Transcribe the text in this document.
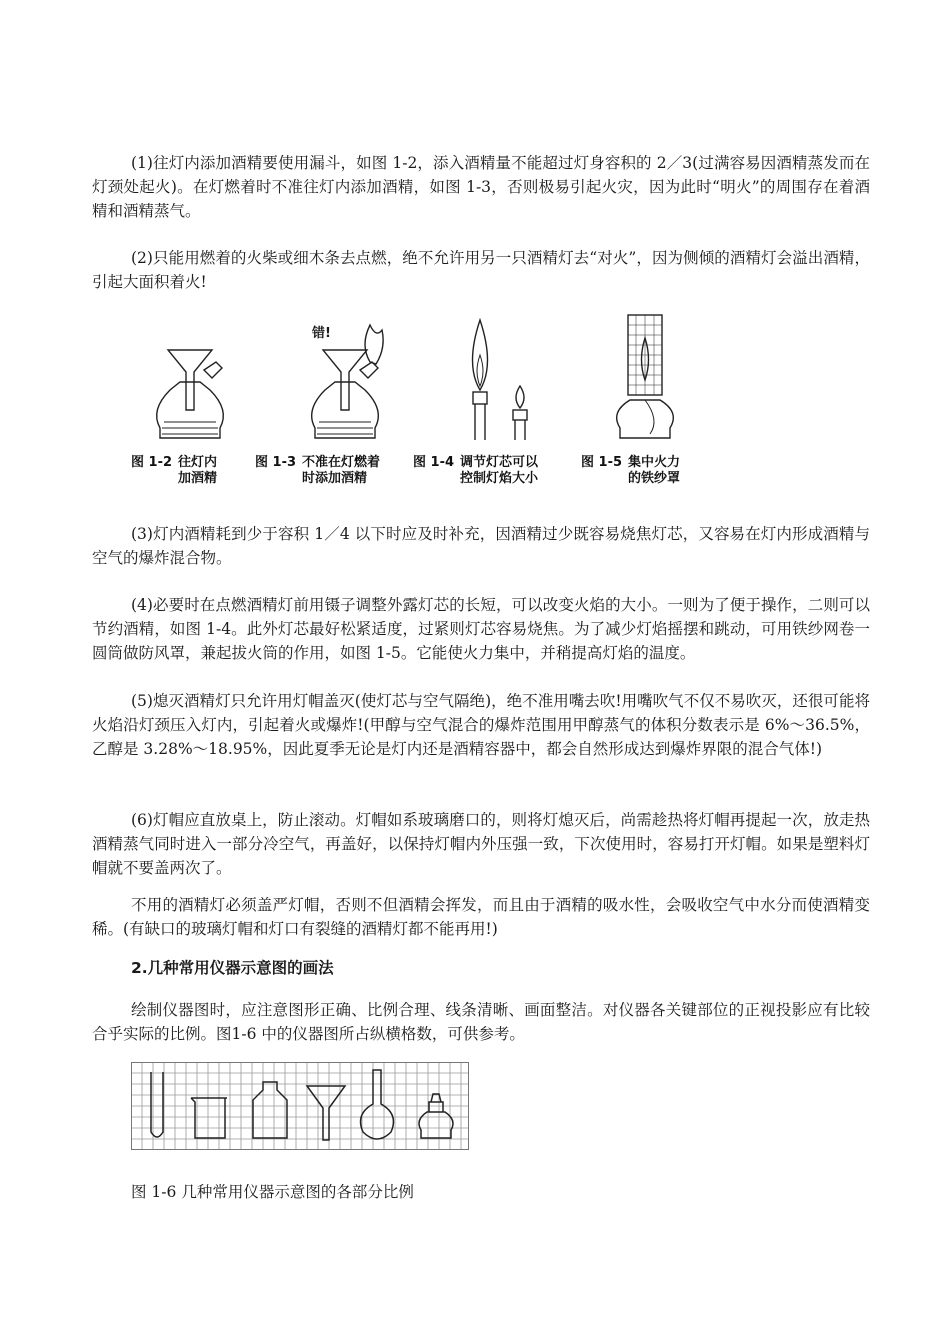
(1)往灯内添加酒精要使用漏斗，如图 1-2，添入酒精量不能超过灯身容积的 2／3(过满容易因酒精蒸发而在灯颈处起火)。在灯燃着时不准往灯内添加酒精，如图 1-3，否则极易引起火灾，因为此时“明火”的周围存在着酒精和酒精蒸气。

(2)只能用燃着的火柴或细木条去点燃，绝不允许用另一只酒精灯去“对火”，因为侧倾的酒精灯会溢出酒精，引起大面积着火!

错!
图 1-2 往灯内
加酒精
图 1-3 不准在灯燃着
时添加酒精
图 1-4 调节灯芯可以
控制灯焰大小
图 1-5 集中火力
的铁纱罩

(3)灯内酒精耗到少于容积 1／4 以下时应及时补充，因酒精过少既容易烧焦灯芯，又容易在灯内形成酒精与空气的爆炸混合物。

(4)必要时在点燃酒精灯前用镊子调整外露灯芯的长短，可以改变火焰的大小。一则为了便于操作，二则可以节约酒精，如图 1-4。此外灯芯最好松紧适度，过紧则灯芯容易烧焦。为了减少灯焰摇摆和跳动，可用铁纱网卷一圆筒做防风罩，兼起拔火筒的作用，如图 1-5。它能使火力集中，并稍提高灯焰的温度。

(5)熄灭酒精灯只允许用灯帽盖灭(使灯芯与空气隔绝)，绝不准用嘴去吹!用嘴吹气不仅不易吹灭，还很可能将火焰沿灯颈压入灯内，引起着火或爆炸!(甲醇与空气混合的爆炸范围用甲醇蒸气的体积分数表示是 6%～36.5%，乙醇是 3.28%～18.95%，因此夏季无论是灯内还是酒精容器中，都会自然形成达到爆炸界限的混合气体!)

(6)灯帽应直放桌上，防止滚动。灯帽如系玻璃磨口的，则将灯熄灭后，尚需趁热将灯帽再提起一次，放走热酒精蒸气同时进入一部分冷空气，再盖好，以保持灯帽内外压强一致，下次使用时，容易打开灯帽。如果是塑料灯帽就不要盖两次了。

不用的酒精灯必须盖严灯帽，否则不但酒精会挥发，而且由于酒精的吸水性，会吸收空气中水分而使酒精变稀。(有缺口的玻璃灯帽和灯口有裂缝的酒精灯都不能再用!)

2.几种常用仪器示意图的画法

绘制仪器图时，应注意图形正确、比例合理、线条清晰、画面整洁。对仪器各关键部位的正视投影应有比较合乎实际的比例。图1-6 中的仪器图所占纵横格数，可供参考。

图 1-6 几种常用仪器示意图的各部分比例
